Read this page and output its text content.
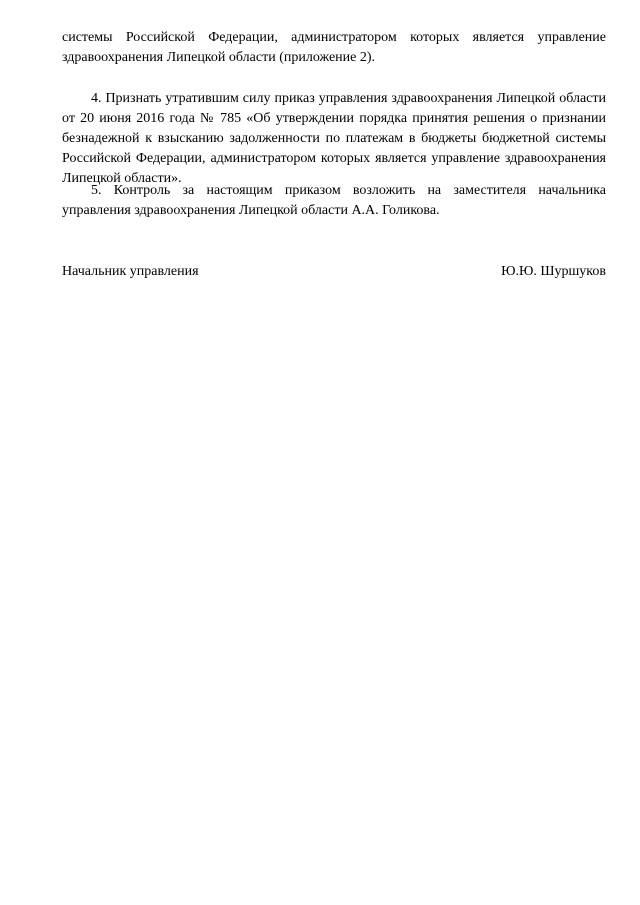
системы Российской Федерации, администратором которых является управление здравоохранения Липецкой области (приложение 2).

4. Признать утратившим силу приказ управления здравоохранения Липецкой области от 20 июня 2016 года № 785 «Об утверждении порядка принятия решения о признании безнадежной к взысканию задолженности по платежам в бюджеты бюджетной системы Российской Федерации, администратором которых является управление здравоохранения Липецкой области».

5. Контроль за настоящим приказом возложить на заместителя начальника управления здравоохранения Липецкой области А.А. Голикова.

Начальник управления	Ю.Ю. Шуршуков
